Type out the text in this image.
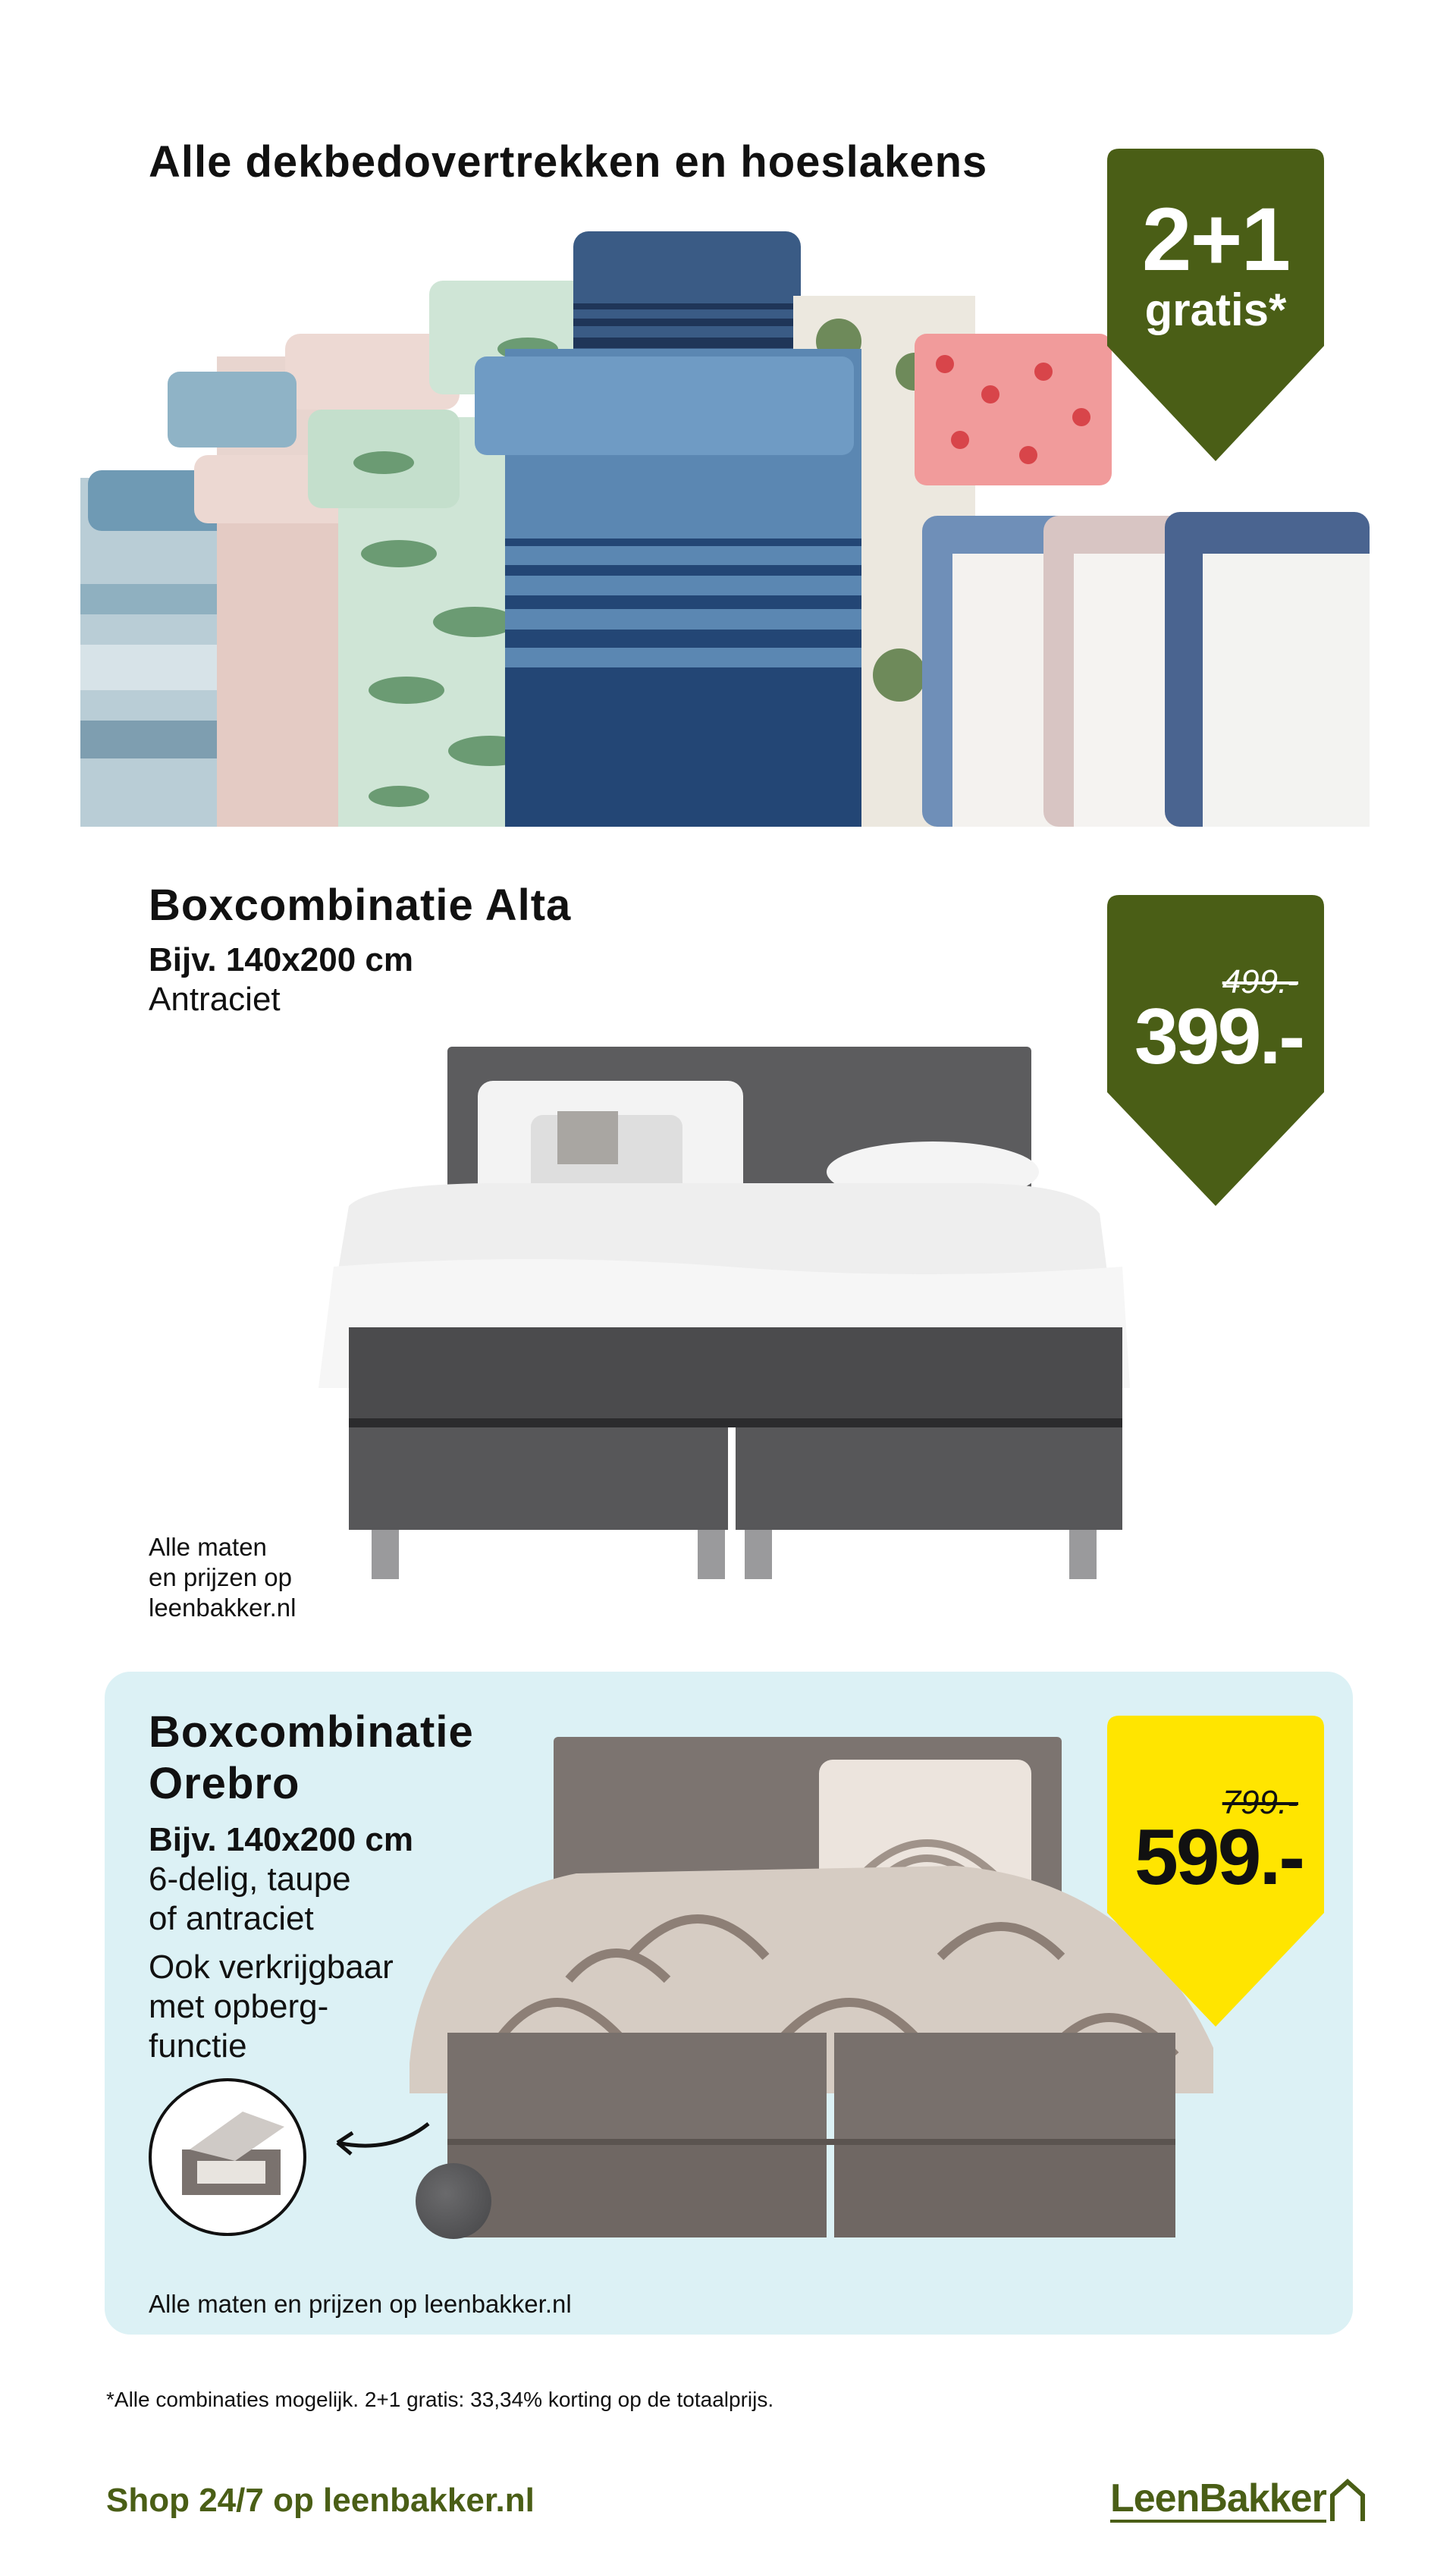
Alle dekbedovertrekken en hoeslakens
2+1
gratis*
Boxcombinatie Alta
Bijv. 140x200 cm
Antraciet	499.-
399.-
Alle maten
en prijzen op
leenbakker.nl
Boxcombinatie
Orebro
Bijv. 140x200 cm
6-delig, taupe
of antraciet
Ook verkrijgbaar
met opberg-
functie
799.-
599.-
Alle maten en prijzen op leenbakker.nl
*Alle combinaties mogelijk. 2+1 gratis: 33,34% korting op de totaalprijs.
Shop 24/7 op leenbakker.nl	LeenBakker
